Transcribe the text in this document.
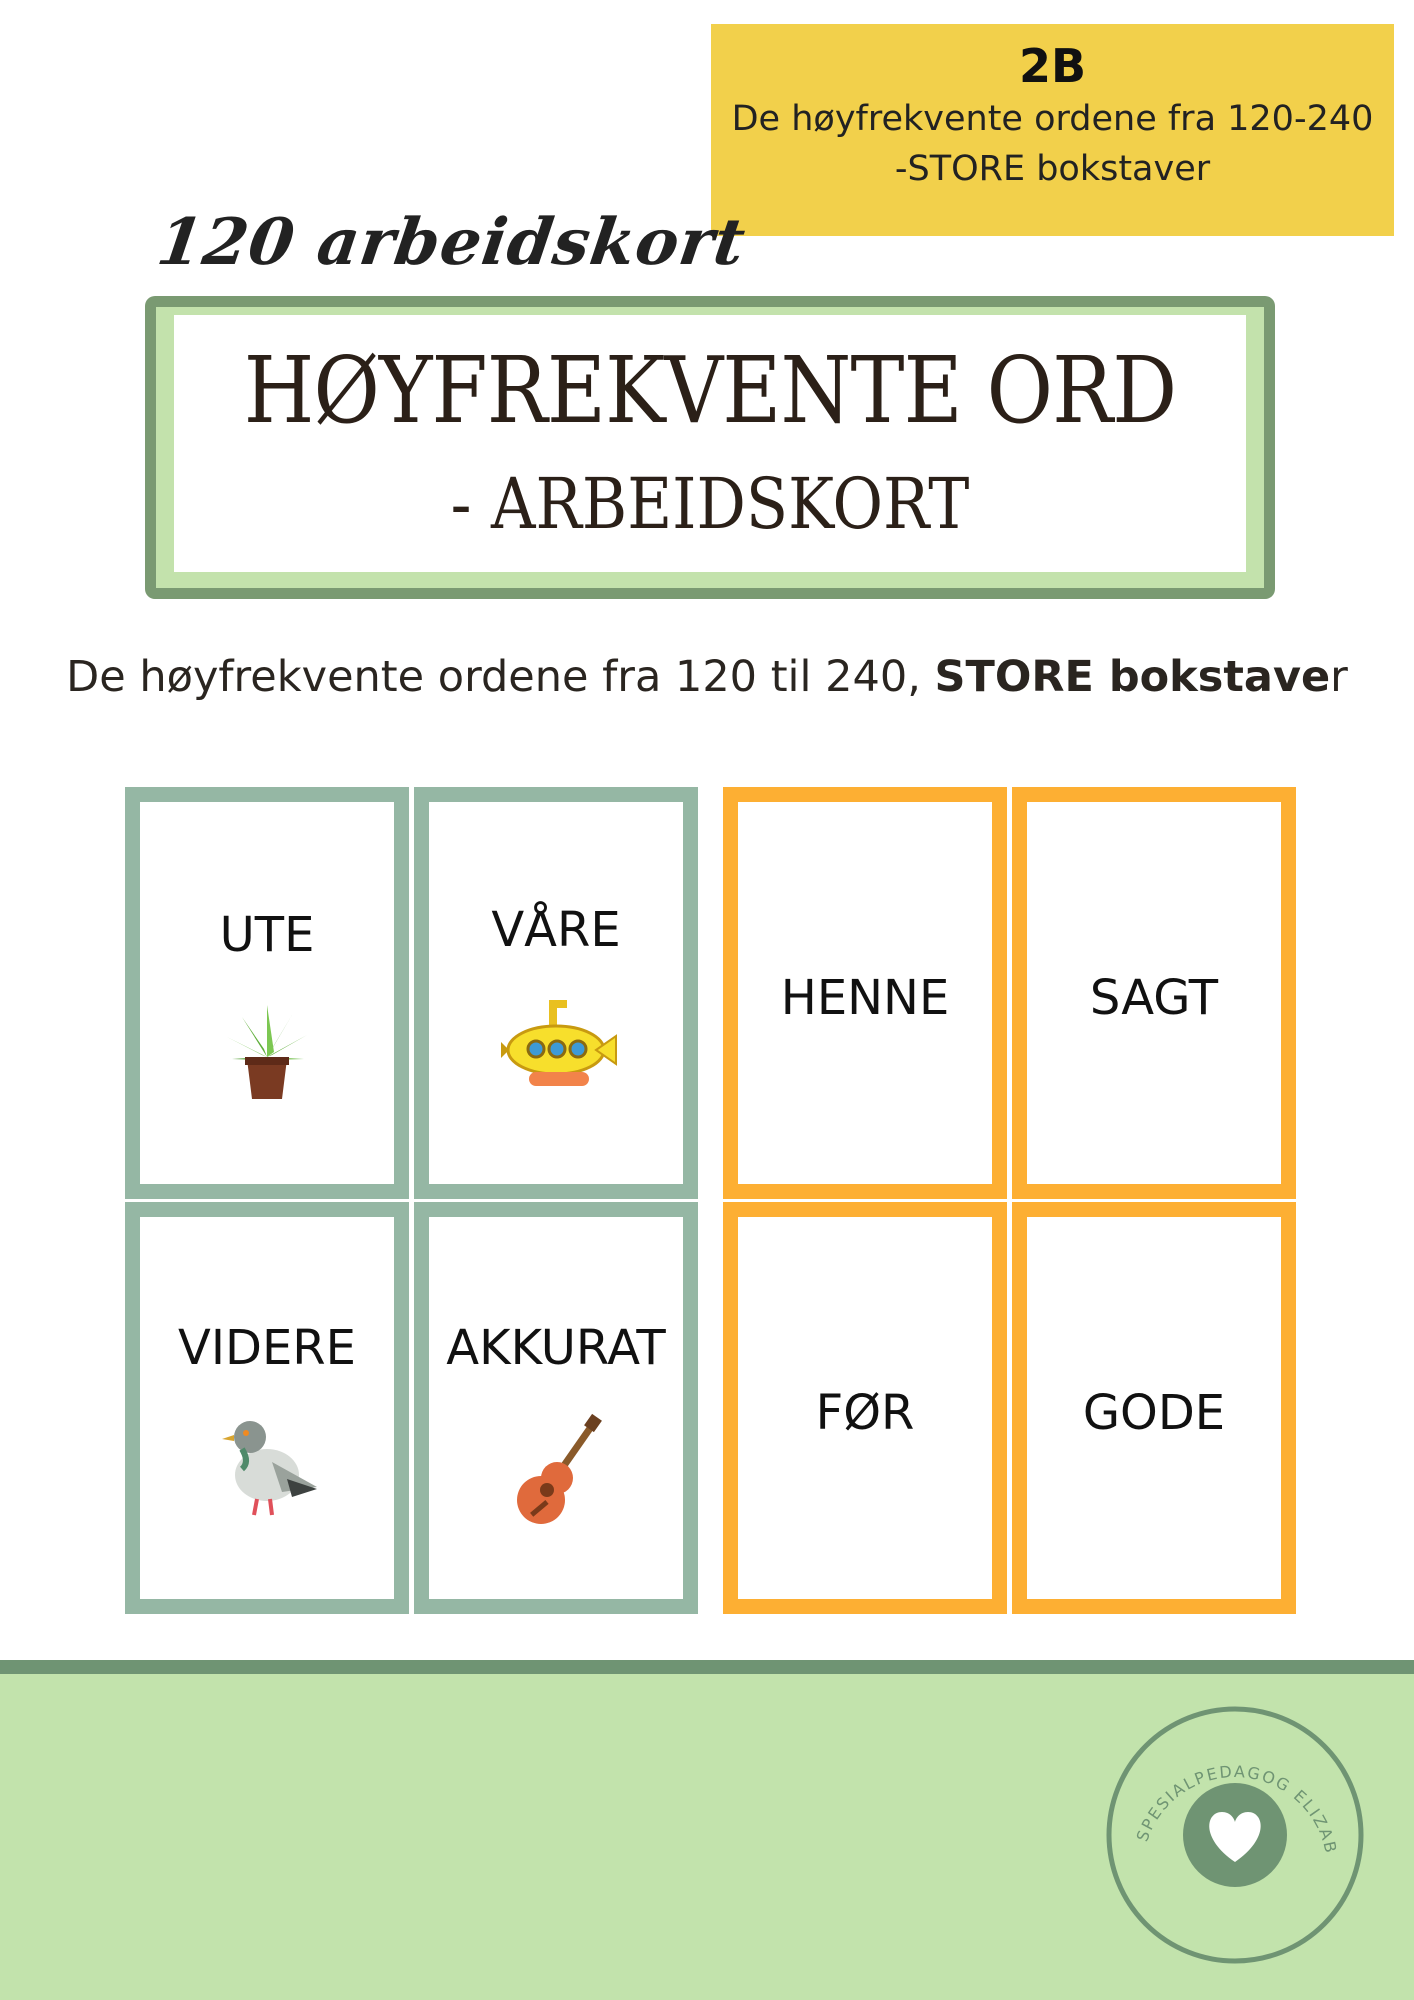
2B
De høyfrekvente ordene fra 120-240
-STORE bokstaver
120 arbeidskort
HØYFREKVENTE ORD
- ARBEIDSKORT
De høyfrekvente ordene fra 120 til 240, STORE bokstaver
UTE	VÅRE
HENNE	SAGT
VIDERE	AKKURAT
FØR	GODE
SPESIALPEDAGOG ELIZAB
